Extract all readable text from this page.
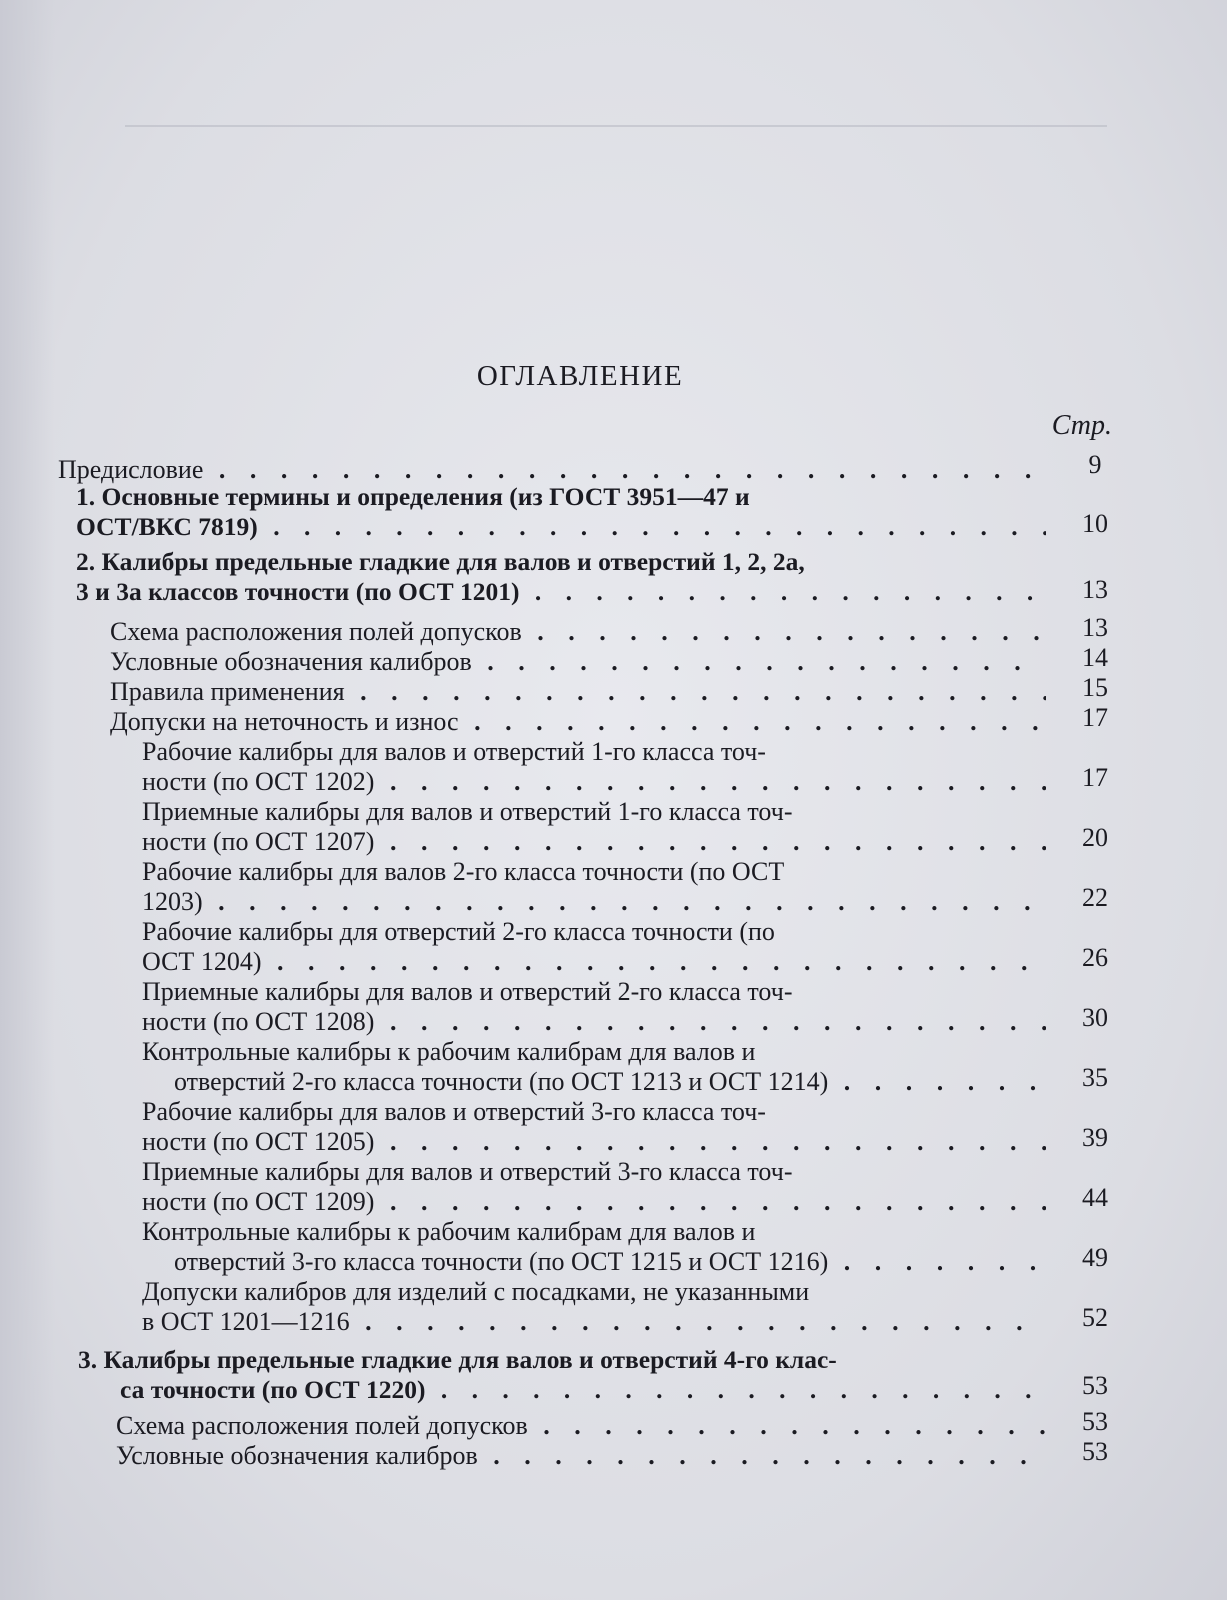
ОГЛАВЛЕНИЕ
Стр.
Предисловие . . .	9
1. Основные термины и определения (из ГОСТ 3951—47 и
ОСТ/ВКС 7819) . . .	10
2. Калибры предельные гладкие для валов и отверстий 1, 2, 2а,
3 и 3а классов точности (по ОСТ 1201) . . .	13
Схема расположения полей допусков . . .	13
Условные обозначения калибров . . .	14
Правила применения . . .	15
Допуски на неточность и износ . . .	17
Рабочие калибры для валов и отверстий 1-го класса точ-
ности (по ОСТ 1202) . . .	17
Приемные калибры для валов и отверстий 1-го класса точ-
ности (по ОСТ 1207) . . .	20
Рабочие калибры для валов 2-го класса точности (по ОСТ
1203) . . .	22
Рабочие калибры для отверстий 2-го класса точности (по
ОСТ 1204) . . .	26
Приемные калибры для валов и отверстий 2-го класса точ-
ности (по ОСТ 1208) . . .	30
Контрольные калибры к рабочим калибрам для валов и
отверстий 2-го класса точности (по ОСТ 1213 и ОСТ 1214) . . .	35
Рабочие калибры для валов и отверстий 3-го класса точ-
ности (по ОСТ 1205) . . .	39
Приемные калибры для валов и отверстий 3-го класса точ-
ности (по ОСТ 1209) . . .	44
Контрольные калибры к рабочим калибрам для валов и
отверстий 3-го класса точности (по ОСТ 1215 и ОСТ 1216) . . .	49
Допуски калибров для изделий с посадками, не указанными
в ОСТ 1201—1216 . . .	52
3. Калибры предельные гладкие для валов и отверстий 4-го клас-
са точности (по ОСТ 1220) . . .	53
Схема расположения полей допусков . . .	53
Условные обозначения калибров . . .	53
